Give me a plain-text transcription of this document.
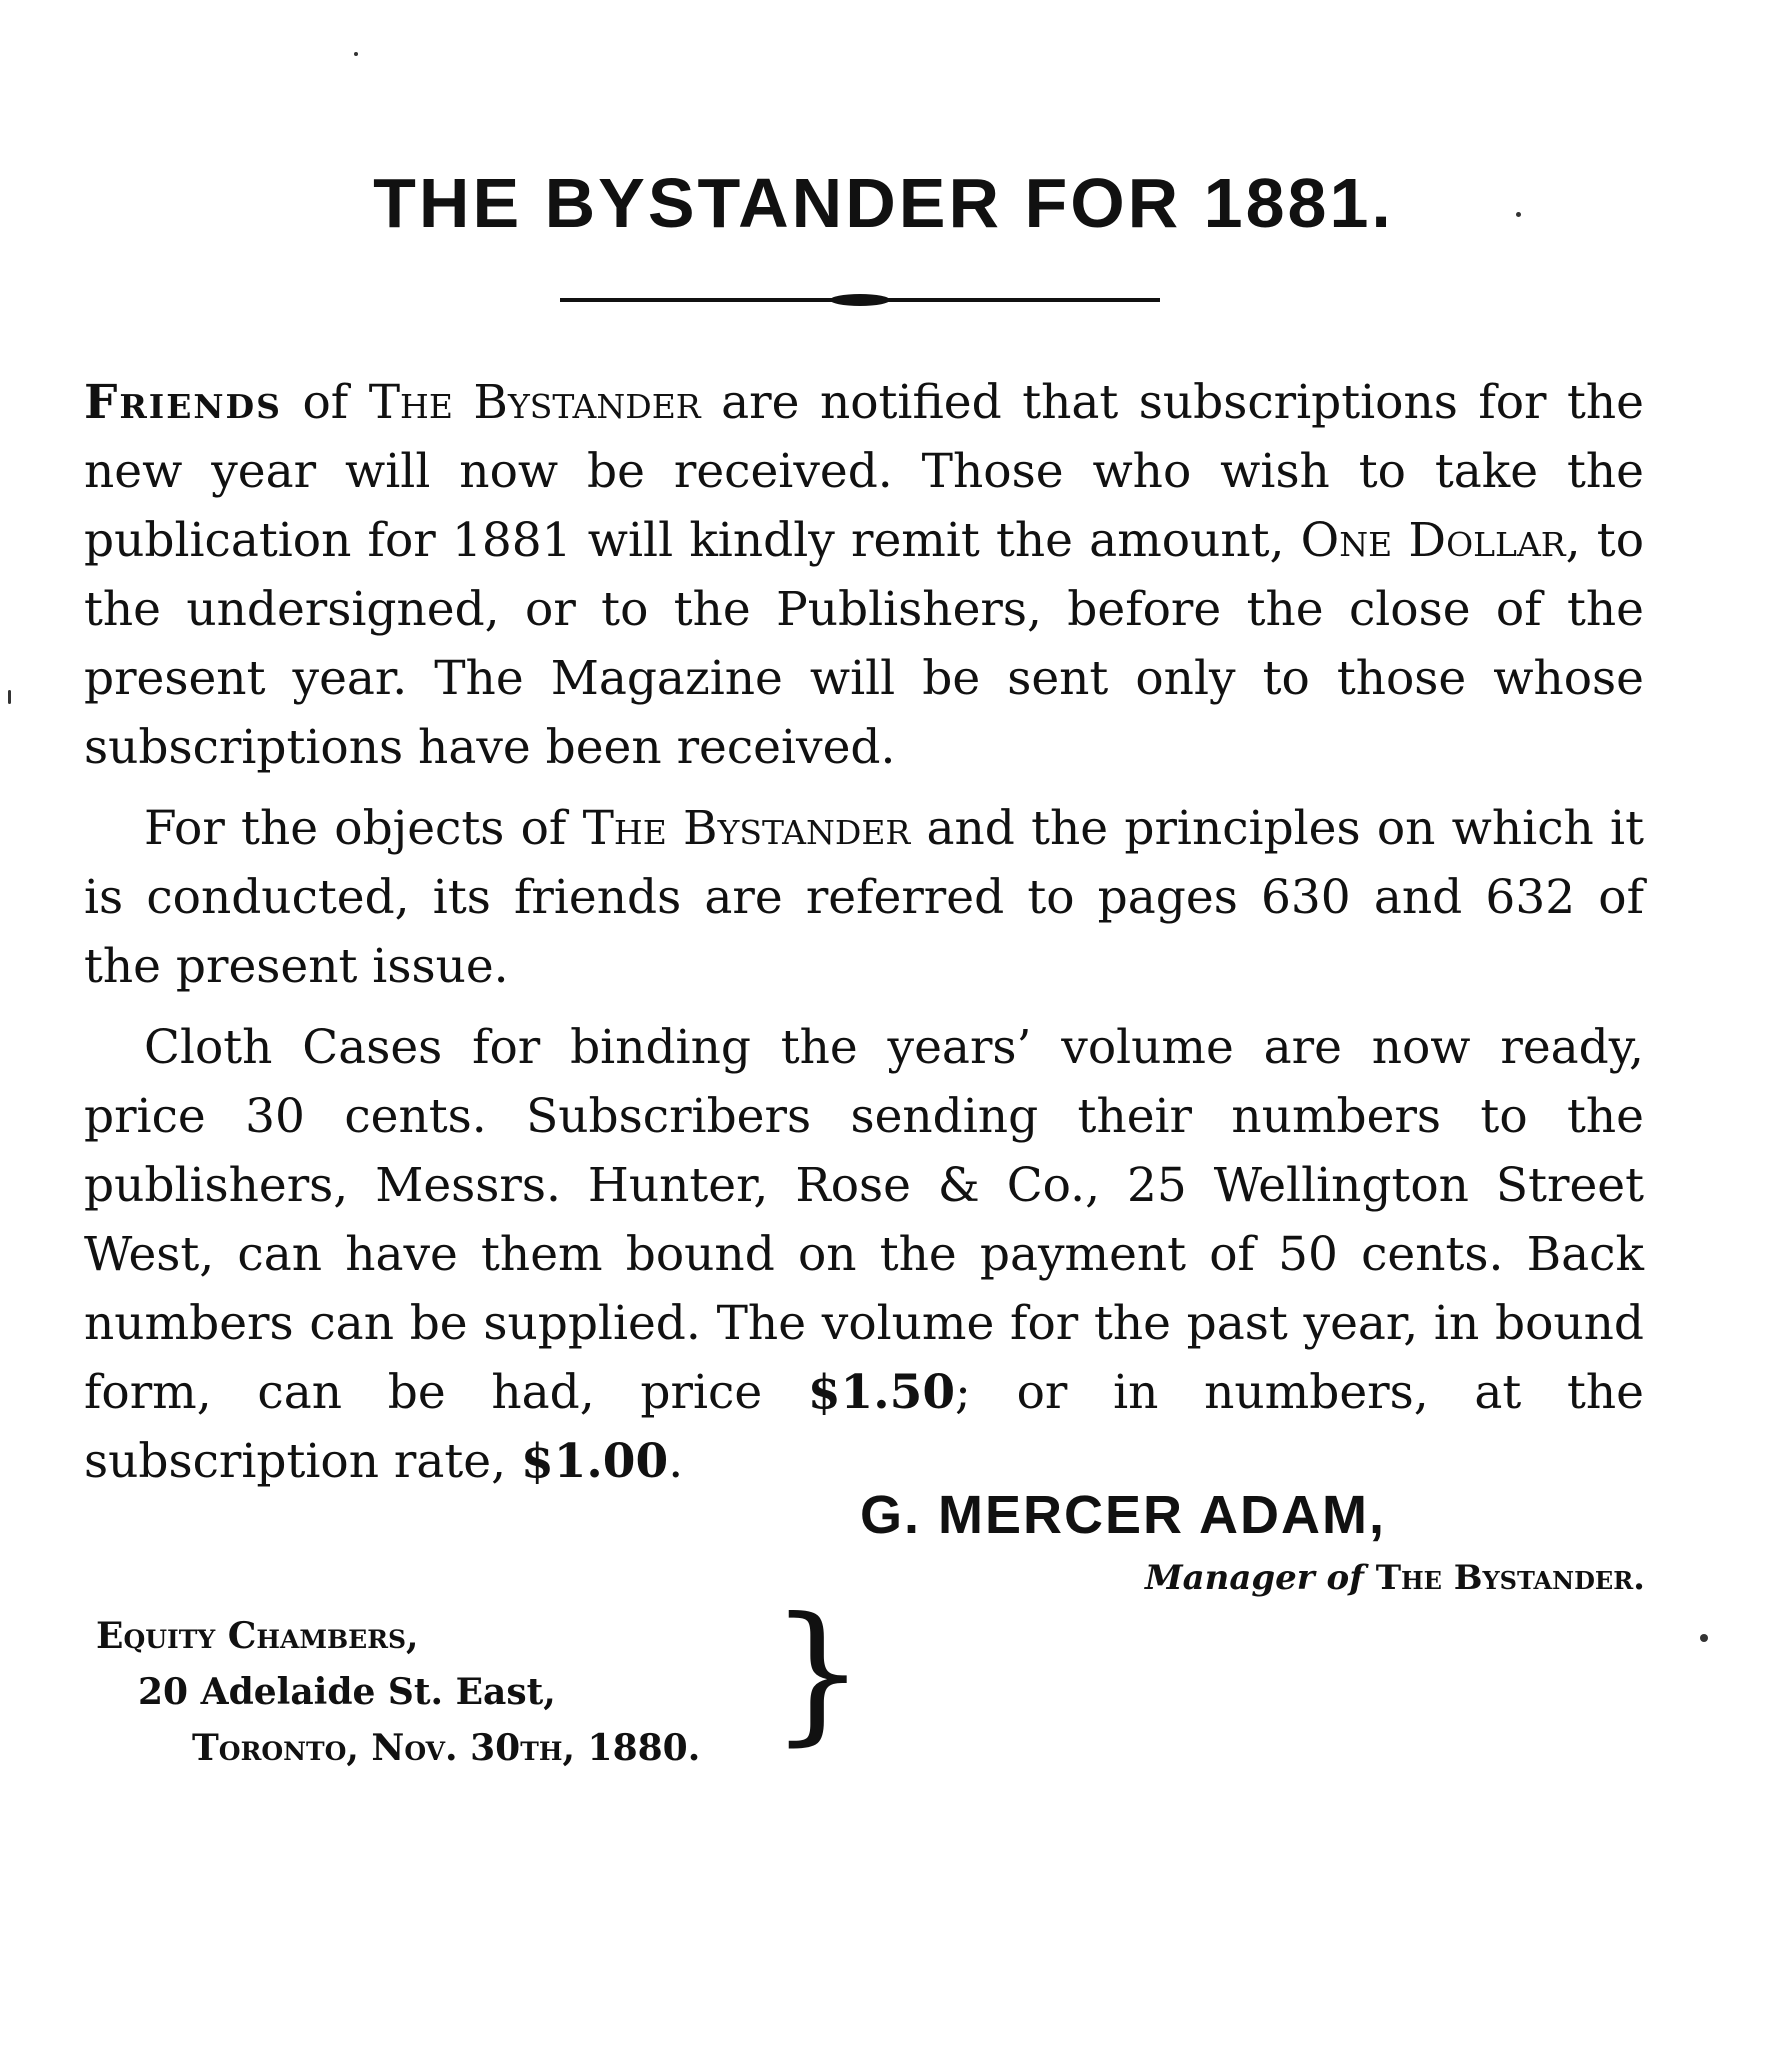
THE BYSTANDER FOR 1881.

Friends of The Bystander are notified that subscriptions for the new year will now be received. Those who wish to take the publication for 1881 will kindly remit the amount, One Dollar, to the undersigned, or to the Publishers, before the close of the present year. The Magazine will be sent only to those whose subscriptions have been received.

For the objects of The Bystander and the principles on which it is conducted, its friends are referred to pages 630 and 632 of the present issue.

Cloth Cases for binding the years’ volume are now ready, price 30 cents. Subscribers sending their numbers to the publishers, Messrs. Hunter, Rose & Co., 25 Wellington Street West, can have them bound on the payment of 50 cents. Back numbers can be supplied. The volume for the past year, in bound form, can be had, price $1.50; or in numbers, at the subscription rate, $1.00.

G. MERCER ADAM,
Manager of The Bystander.
Equity Chambers,
20 Adelaide St. East,
Toronto, Nov. 30th, 1880. }
